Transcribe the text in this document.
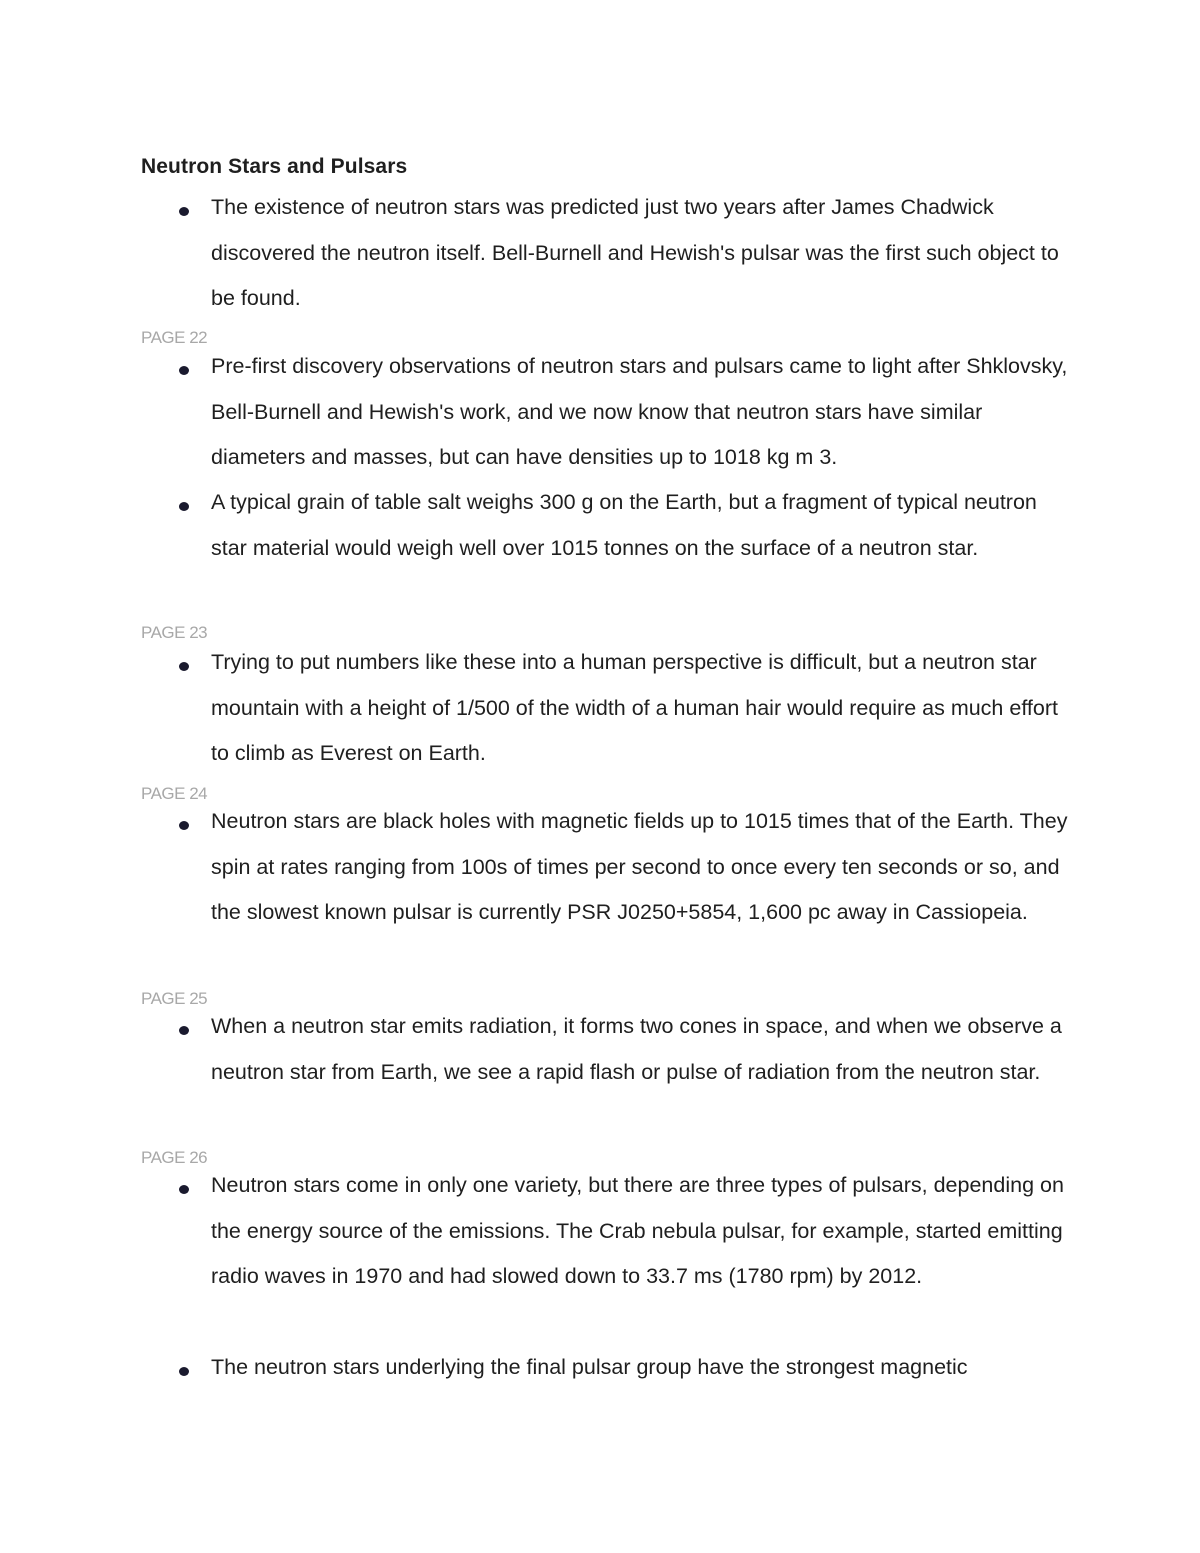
Neutron Stars and Pulsars
The existence of neutron stars was predicted just two years after James Chadwick discovered the neutron itself. Bell-Burnell and Hewish's pulsar was the first such object to be found.
PAGE 22
Pre-first discovery observations of neutron stars and pulsars came to light after Shklovsky, Bell-Burnell and Hewish's work, and we now know that neutron stars have similar diameters and masses, but can have densities up to 1018 kg m 3.
A typical grain of table salt weighs 300 g on the Earth, but a fragment of typical neutron star material would weigh well over 1015 tonnes on the surface of a neutron star.
PAGE 23
Trying to put numbers like these into a human perspective is difficult, but a neutron star mountain with a height of 1/500 of the width of a human hair would require as much effort to climb as Everest on Earth.
PAGE 24
Neutron stars are black holes with magnetic fields up to 1015 times that of the Earth. They spin at rates ranging from 100s of times per second to once every ten seconds or so, and the slowest known pulsar is currently PSR J0250+5854, 1,600 pc away in Cassiopeia.
PAGE 25
When a neutron star emits radiation, it forms two cones in space, and when we observe a neutron star from Earth, we see a rapid flash or pulse of radiation from the neutron star.
PAGE 26
Neutron stars come in only one variety, but there are three types of pulsars, depending on the energy source of the emissions. The Crab nebula pulsar, for example, started emitting radio waves in 1970 and had slowed down to 33.7 ms (1780 rpm) by 2012.
The neutron stars underlying the final pulsar group have the strongest magnetic
